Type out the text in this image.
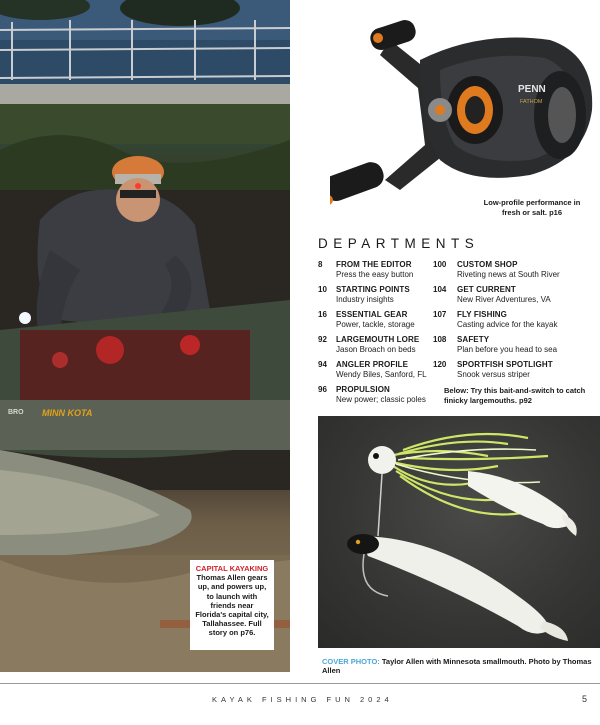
BRO MINN KOTA
CAPITAL KAYAKING
Thomas Allen gears up, and powers up, to launch with friends near Florida's capital city, Tallahassee. Full story on p76.
PENN
FATHOM
Low-profile performance in fresh or salt. p16
DEPARTMENTS
8	FROM THE EDITOR
Press the easy button
10	STARTING POINTS
Industry insights
16	ESSENTIAL GEAR
Power, tackle, storage
92	LARGEMOUTH LORE
Jason Broach on beds
94	ANGLER PROFILE
Wendy Biles, Sanford, FL
96	PROPULSION
New power; classic poles
100	CUSTOM SHOP
Riveting news at South River
104	GET CURRENT
New River Adventures, VA
107	FLY FISHING
Casting advice for the kayak
108	SAFETY
Plan before you head to sea
120	SPORTFISH SPOTLIGHT
Snook versus striper
Below: Try this bait-and-switch to catch finicky largemouths. p92
COVER PHOTO: Taylor Allen with Minnesota smallmouth. Photo by Thomas Allen
KAYAK FISHING FUN 2024	5
